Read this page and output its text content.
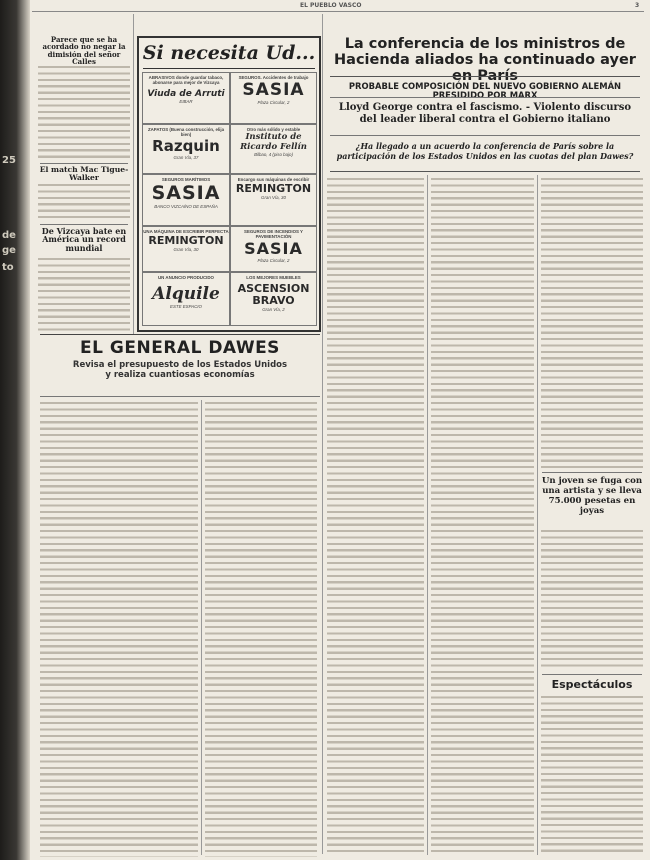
25
de
ge
to
EL PUEBLO VASCO	3
Parece que se ha acordado no negar la dimisión del señor Calles
El match Mac Tigue-Walker
De Vizcaya bate en América un record mundial
Si necesita Ud...
ABRASIVOS donde guardar tabaco, abonarse para mejor de Vizcaya
Viuda de Arruti
EIBAR
SEGUROS. Accidentes de trabajo
SASIA
Plaza Circular, 2
ZAPATOS (Buena construcción, elija bien)
Razquin
Gran Vía, 37
Otro más sólido y estable
Instituto de Ricardo Fellín
Bilbao, 4 (piso bajo)
SEGUROS MARÍTIMOS
SASIA
BANCO VIZCAÍNO DE ESPAÑA
Encargo sus máquinas de escribir
REMINGTON
Gran Vía, 30
UNA MÁQUINA DE ESCRIBIR PERFECTA
REMINGTON
Gran Vía, 30
SEGUROS DE INCENDIOS Y PAVIMENTACIÓN
SASIA
Plaza Circular, 2
UN ANUNCIO PRODUCIDO
Alquile
ESTE ESPACIO
LOS MEJORES MUEBLES
ASCENSION BRAVO
Gran Vía, 2
EL GENERAL DAWES
Revisa el presupuesto de los Estados Unidos y realiza cuantiosas economías
La conferencia de los ministros de Hacienda aliados ha continuado ayer en París
PROBABLE COMPOSICIÓN DEL NUEVO GOBIERNO ALEMÁN PRESIDIDO POR MARX
Lloyd George contra el fascismo. - Violento discurso del leader liberal contra el Gobierno italiano
¿Ha llegado a un acuerdo la conferencia de París sobre la participación de los Estados Unidos en las cuotas del plan Dawes?
Un joven se fuga con una artista y se lleva 75.000 pesetas en joyas
Espectáculos
